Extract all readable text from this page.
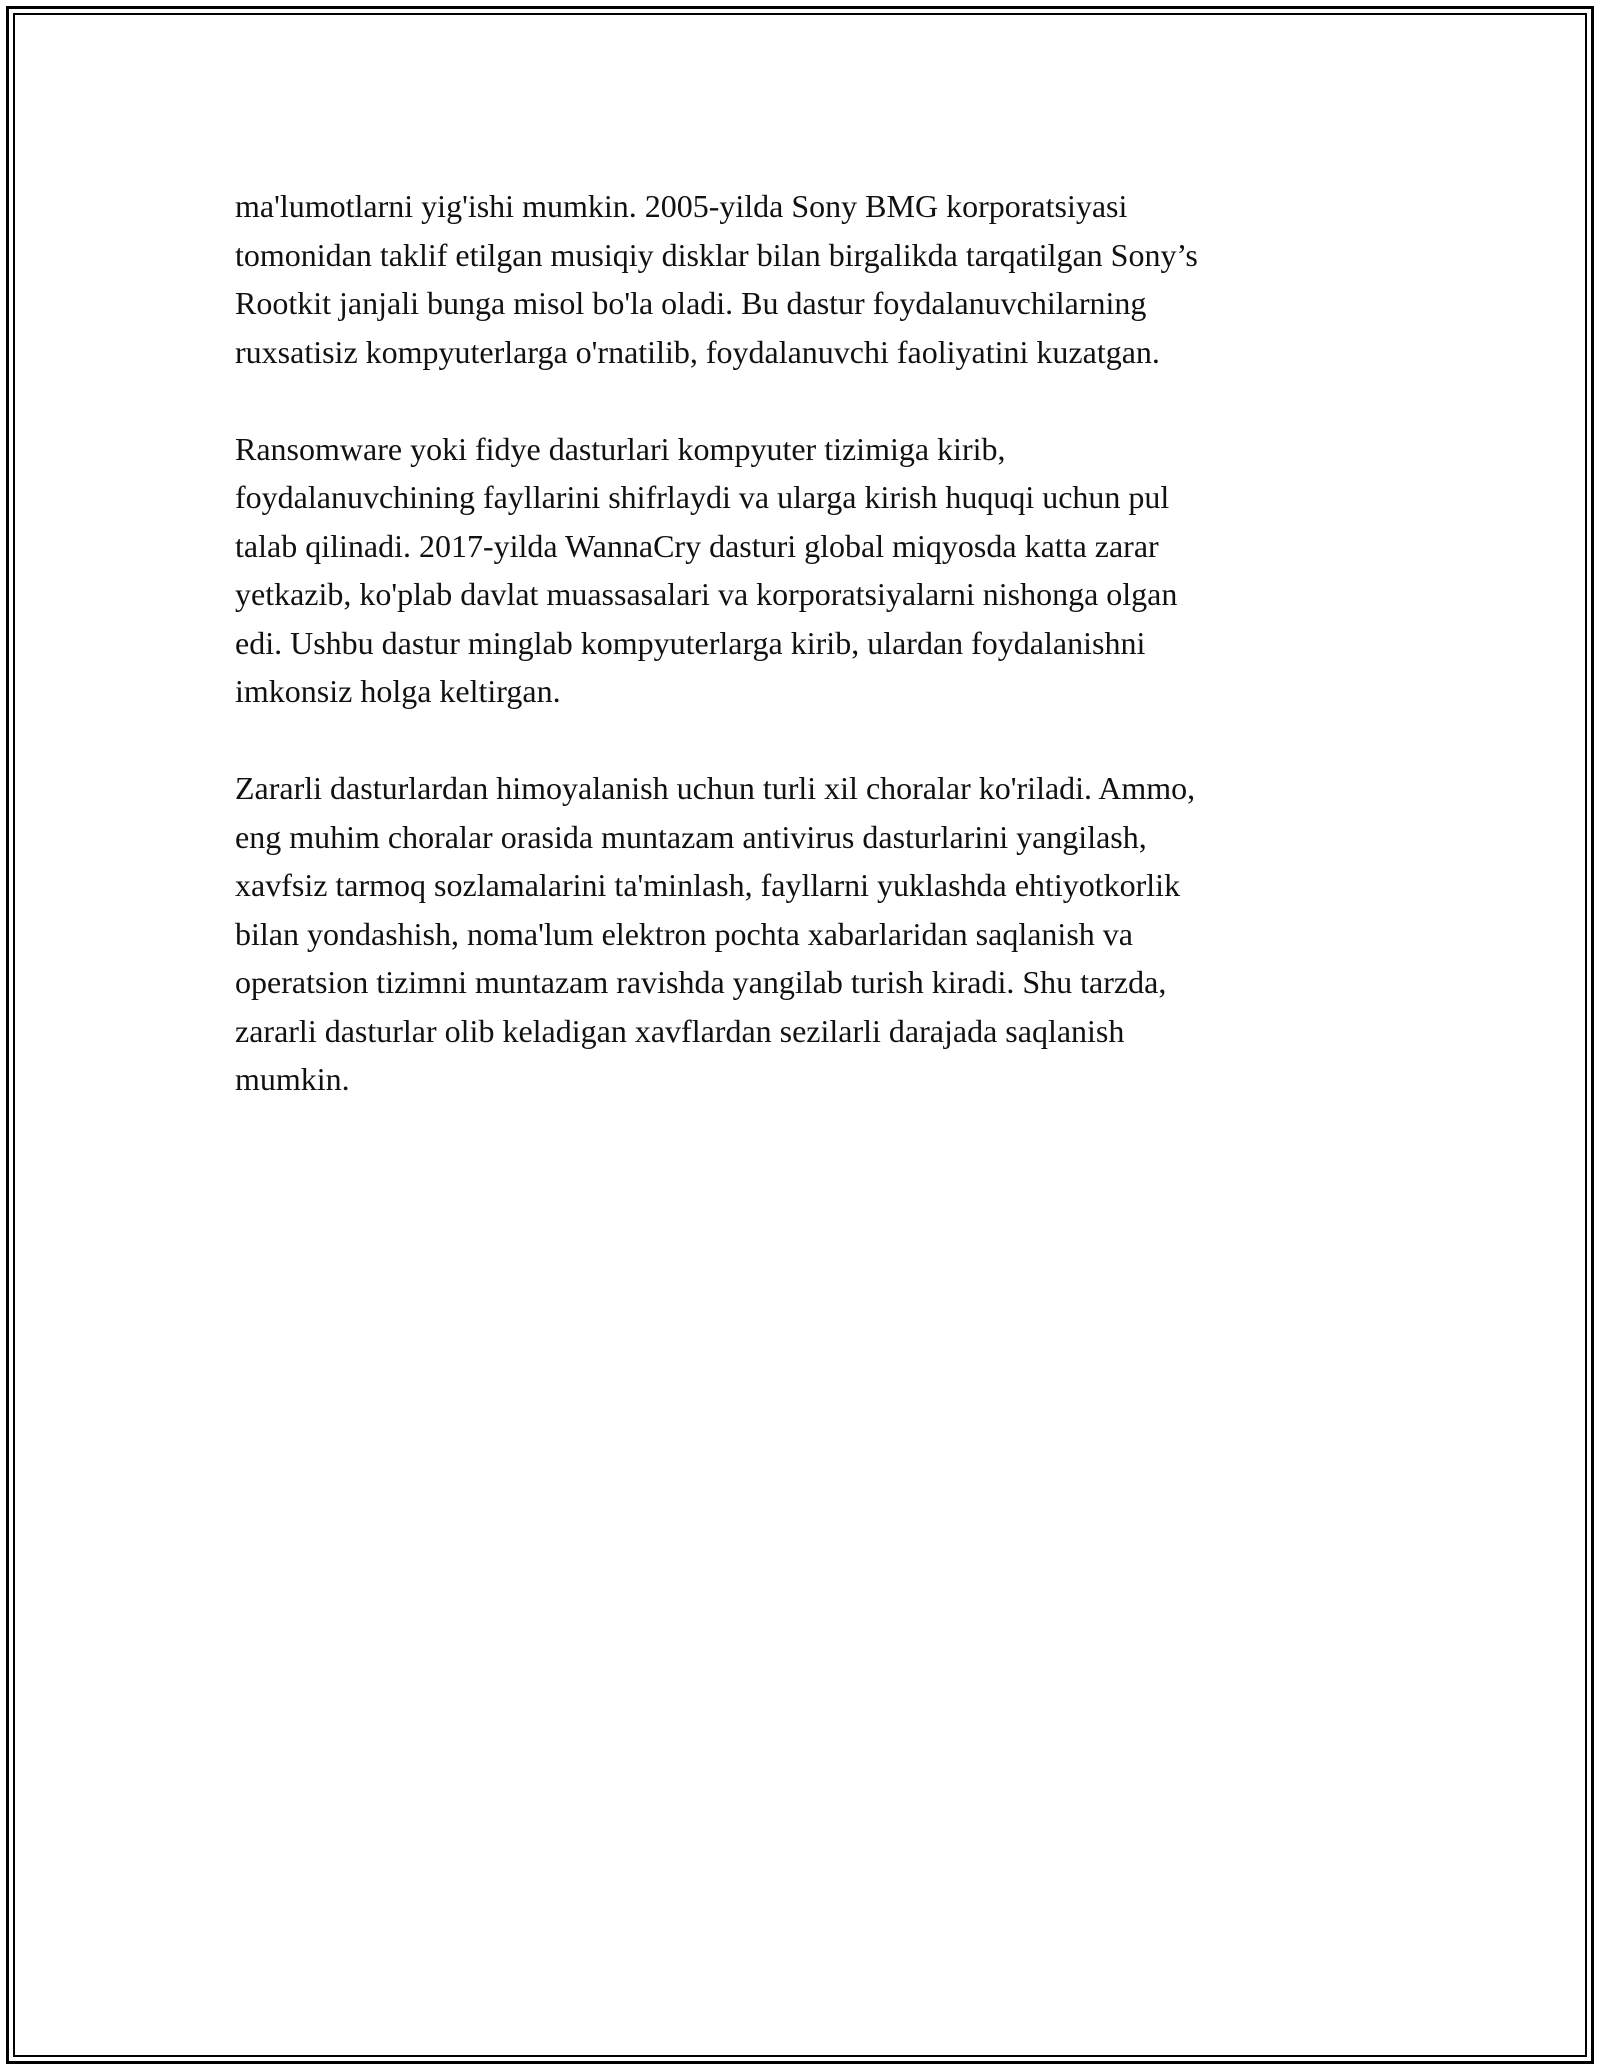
ma'lumotlarni yig'ishi mumkin. 2005-yilda Sony BMG korporatsiyasi
tomonidan taklif etilgan musiqiy disklar bilan birgalikda tarqatilgan Sony’s
Rootkit janjali bunga misol bo'la oladi. Bu dastur foydalanuvchilarning
ruxsatisiz kompyuterlarga o'rnatilib, foydalanuvchi faoliyatini kuzatgan.

Ransomware yoki fidye dasturlari kompyuter tizimiga kirib,
foydalanuvchining fayllarini shifrlaydi va ularga kirish huquqi uchun pul
talab qilinadi. 2017-yilda WannaCry dasturi global miqyosda katta zarar
yetkazib, ko'plab davlat muassasalari va korporatsiyalarni nishonga olgan
edi. Ushbu dastur minglab kompyuterlarga kirib, ulardan foydalanishni
imkonsiz holga keltirgan.

Zararli dasturlardan himoyalanish uchun turli xil choralar ko'riladi. Ammo,
eng muhim choralar orasida muntazam antivirus dasturlarini yangilash,
xavfsiz tarmoq sozlamalarini ta'minlash, fayllarni yuklashda ehtiyotkorlik
bilan yondashish, noma'lum elektron pochta xabarlaridan saqlanish va
operatsion tizimni muntazam ravishda yangilab turish kiradi. Shu tarzda,
zararli dasturlar olib keladigan xavflardan sezilarli darajada saqlanish
mumkin.
